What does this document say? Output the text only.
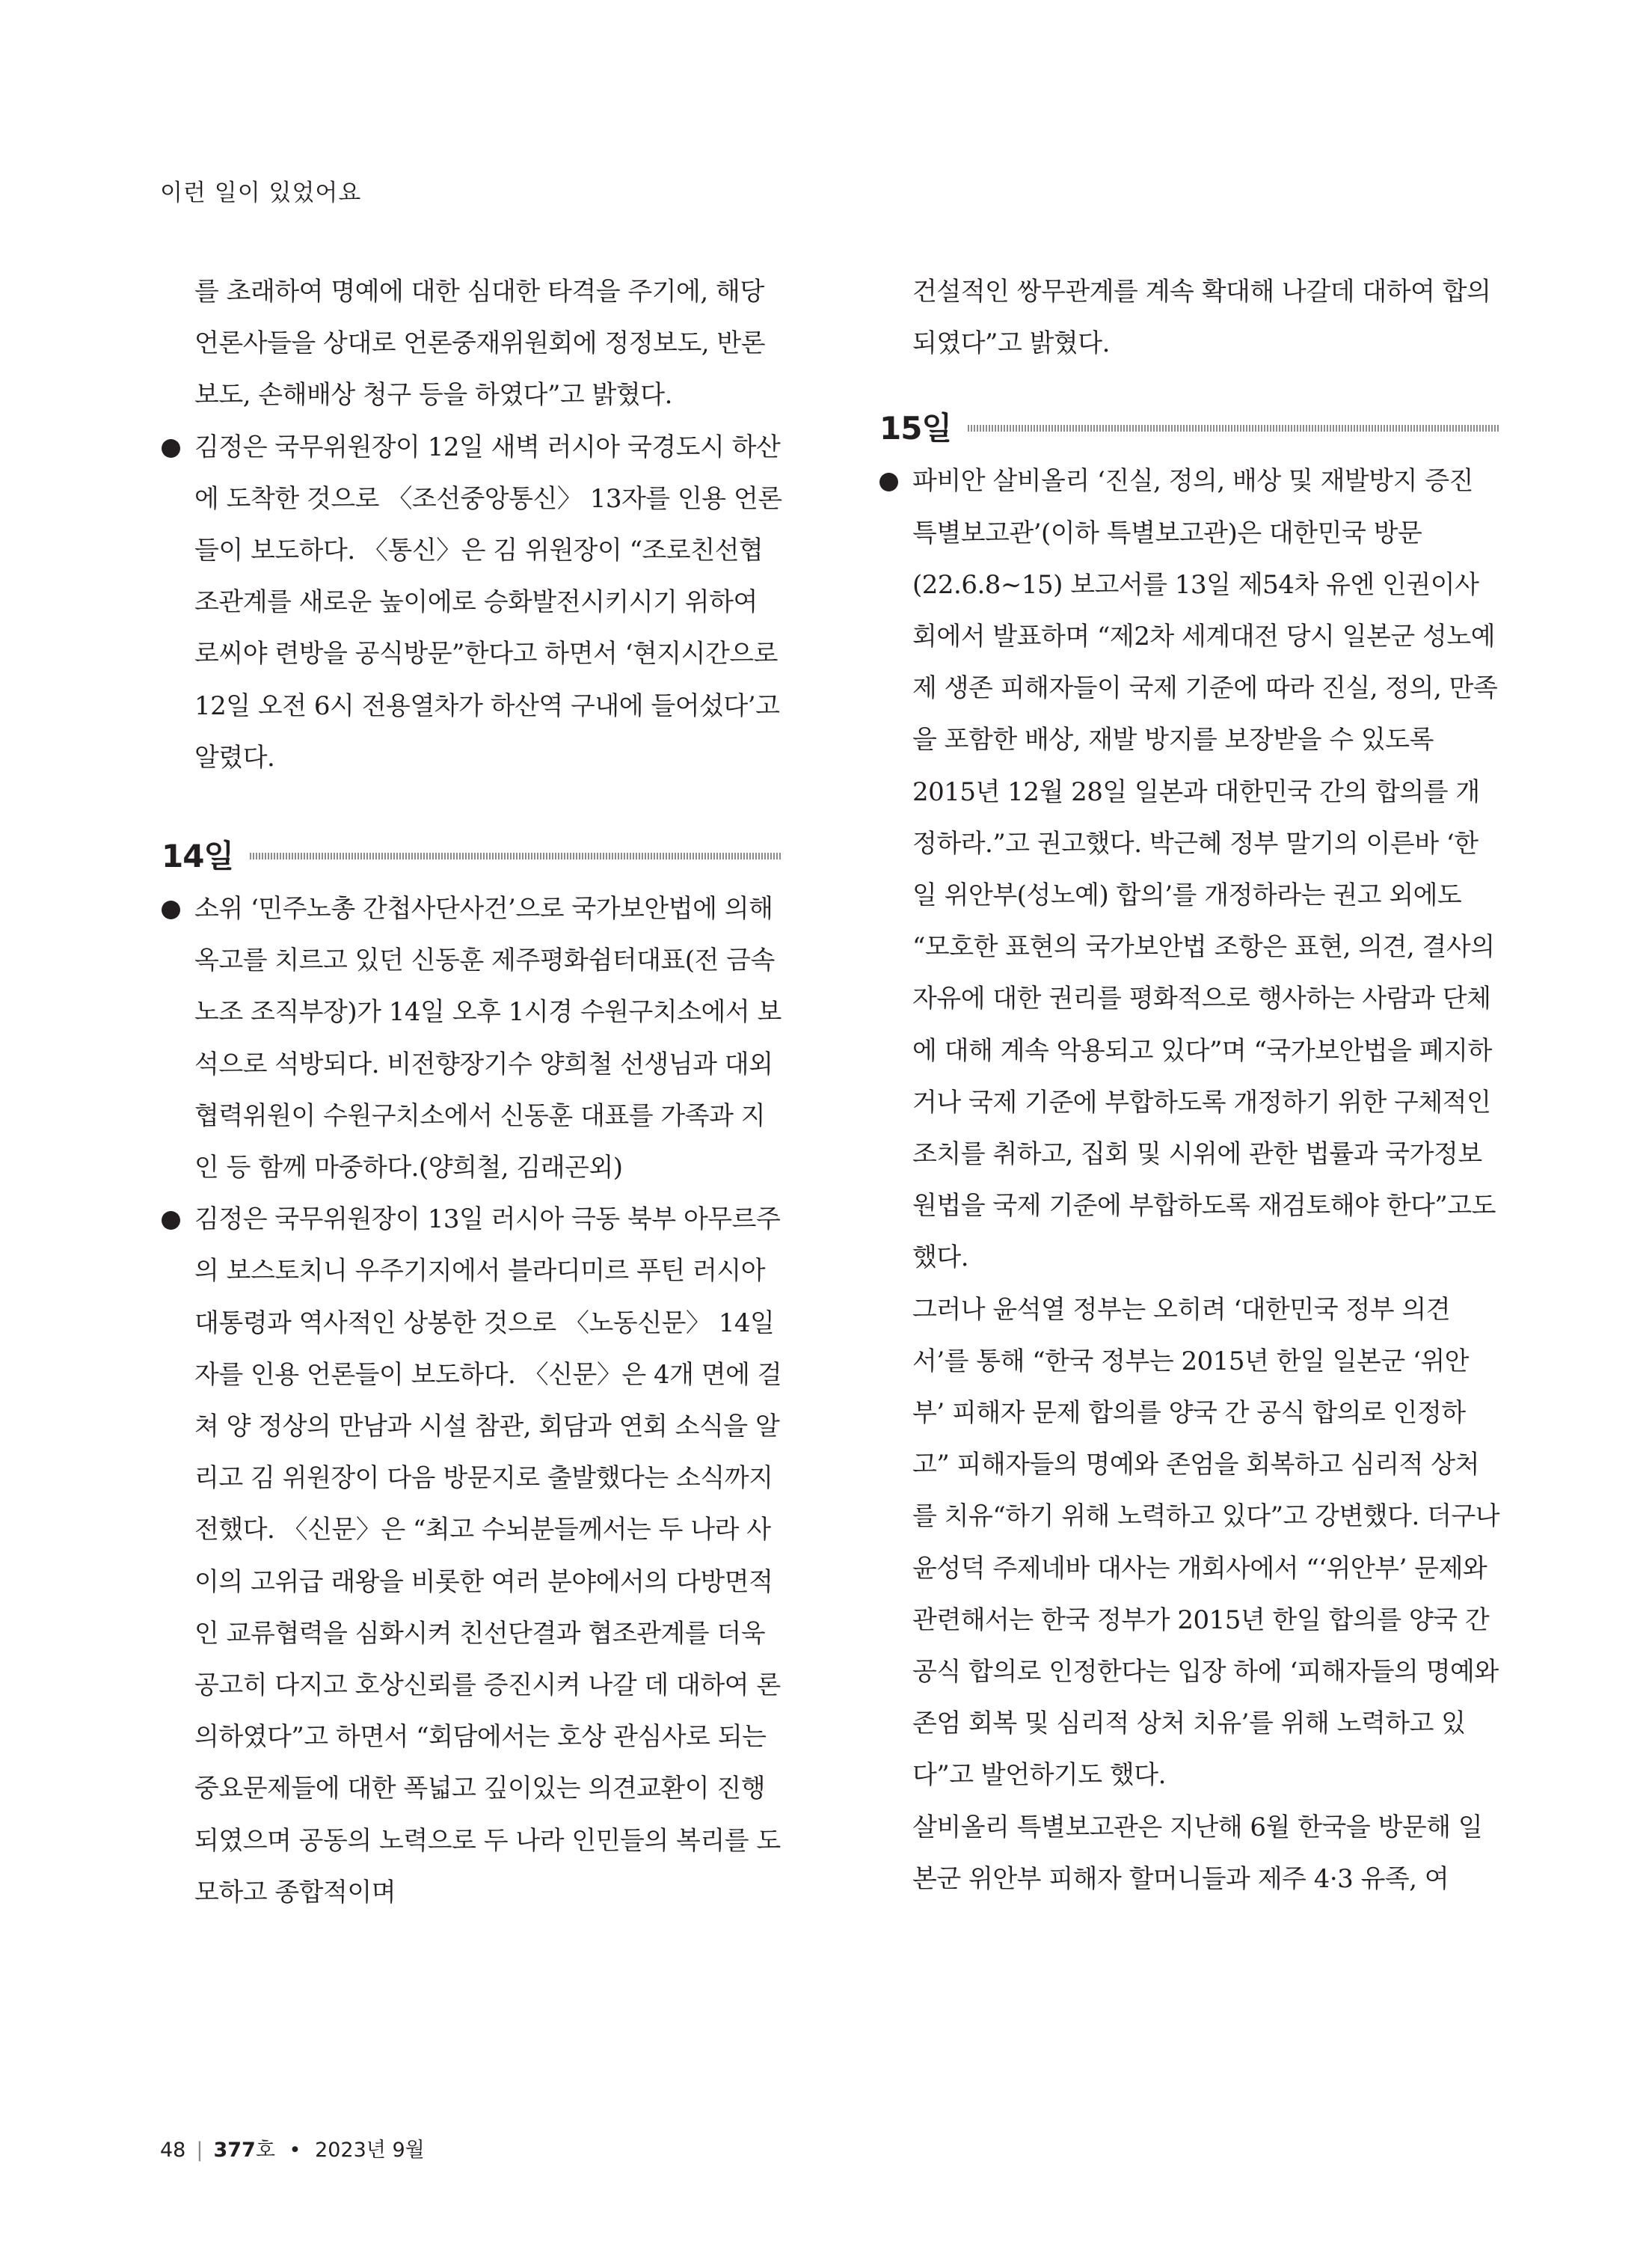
이런 일이 있었어요

를 초래하여 명예에 대한 심대한 타격을 주기에, 해당 언론사들을 상대로 언론중재위원회에 정정보도, 반론보도, 손해배상 청구 등을 하였다”고 밝혔다.

김정은 국무위원장이 12일 새벽 러시아 국경도시 하산에 도착한 것으로 〈조선중앙통신〉 13자를 인용 언론들이 보도하다. 〈통신〉은 김 위원장이 “조로친선협조관계를 새로운 높이에로 승화발전시키시기 위하여 로씨야 련방을 공식방문”한다고 하면서 ‘현지시간으로 12일 오전 6시 전용열차가 하산역 구내에 들어섰다’고 알렸다.
14일
소위 ‘민주노총 간첩사단사건’으로 국가보안법에 의해 옥고를 치르고 있던 신동훈 제주평화쉼터대표(전 금속노조 조직부장)가 14일 오후 1시경 수원구치소에서 보석으로 석방되다. 비전향장기수 양희철 선생님과 대외협력위원이 수원구치소에서 신동훈 대표를 가족과 지인 등 함께 마중하다.(양희철, 김래곤외)
김정은 국무위원장이 13일 러시아 극동 북부 아무르주의 보스토치니 우주기지에서 블라디미르 푸틴 러시아 대통령과 역사적인 상봉한 것으로 〈노동신문〉 14일자를 인용 언론들이 보도하다. 〈신문〉은 4개 면에 걸쳐 양 정상의 만남과 시설 참관, 회담과 연회 소식을 알리고 김 위원장이 다음 방문지로 출발했다는 소식까지 전했다. 〈신문〉은 “최고 수뇌분들께서는 두 나라 사이의 고위급 래왕을 비롯한 여러 분야에서의 다방면적인 교류협력을 심화시켜 친선단결과 협조관계를 더욱 공고히 다지고 호상신뢰를 증진시켜 나갈 데 대하여 론의하였다”고 하면서 “회담에서는 호상 관심사로 되는 중요문제들에 대한 폭넓고 깊이있는 의견교환이 진행되였으며 공동의 노력으로 두 나라 인민들의 복리를 도모하고 종합적이며

건설적인 쌍무관계를 계속 확대해 나갈데 대하여 합의되였다”고 밝혔다.

15일
파비안 살비올리 ‘진실, 정의, 배상 및 재발방지 증진 특별보고관’(이하 특별보고관)은 대한민국 방문(22.6.8~15) 보고서를 13일 제54차 유엔 인권이사회에서 발표하며 “제2차 세계대전 당시 일본군 성노예제 생존 피해자들이 국제 기준에 따라 진실, 정의, 만족을 포함한 배상, 재발 방지를 보장받을 수 있도록 2015년 12월 28일 일본과 대한민국 간의 합의를 개정하라.”고 권고했다. 박근혜 정부 말기의 이른바 ‘한일 위안부(성노예) 합의’를 개정하라는 권고 외에도 “모호한 표현의 국가보안법 조항은 표현, 의견, 결사의 자유에 대한 권리를 평화적으로 행사하는 사람과 단체에 대해 계속 악용되고 있다”며 “국가보안법을 폐지하거나 국제 기준에 부합하도록 개정하기 위한 구체적인 조치를 취하고, 집회 및 시위에 관한 법률과 국가정보원법을 국제 기준에 부합하도록 재검토해야 한다”고도 했다.

그러나 윤석열 정부는 오히려 ‘대한민국 정부 의견서’를 통해 “한국 정부는 2015년 한일 일본군 ‘위안부’ 피해자 문제 합의를 양국 간 공식 합의로 인정하고” 피해자들의 명예와 존엄을 회복하고 심리적 상처를 치유“하기 위해 노력하고 있다”고 강변했다. 더구나 윤성덕 주제네바 대사는 개회사에서 “‘위안부’ 문제와 관련해서는 한국 정부가 2015년 한일 합의를 양국 간 공식 합의로 인정한다는 입장 하에 ‘피해자들의 명예와 존엄 회복 및 심리적 상처 치유’를 위해 노력하고 있다”고 발언하기도 했다.

살비올리 특별보고관은 지난해 6월 한국을 방문해 일본군 위안부 피해자 할머니들과 제주 4·3 유족, 여

48 | 377호 • 2023년 9월
